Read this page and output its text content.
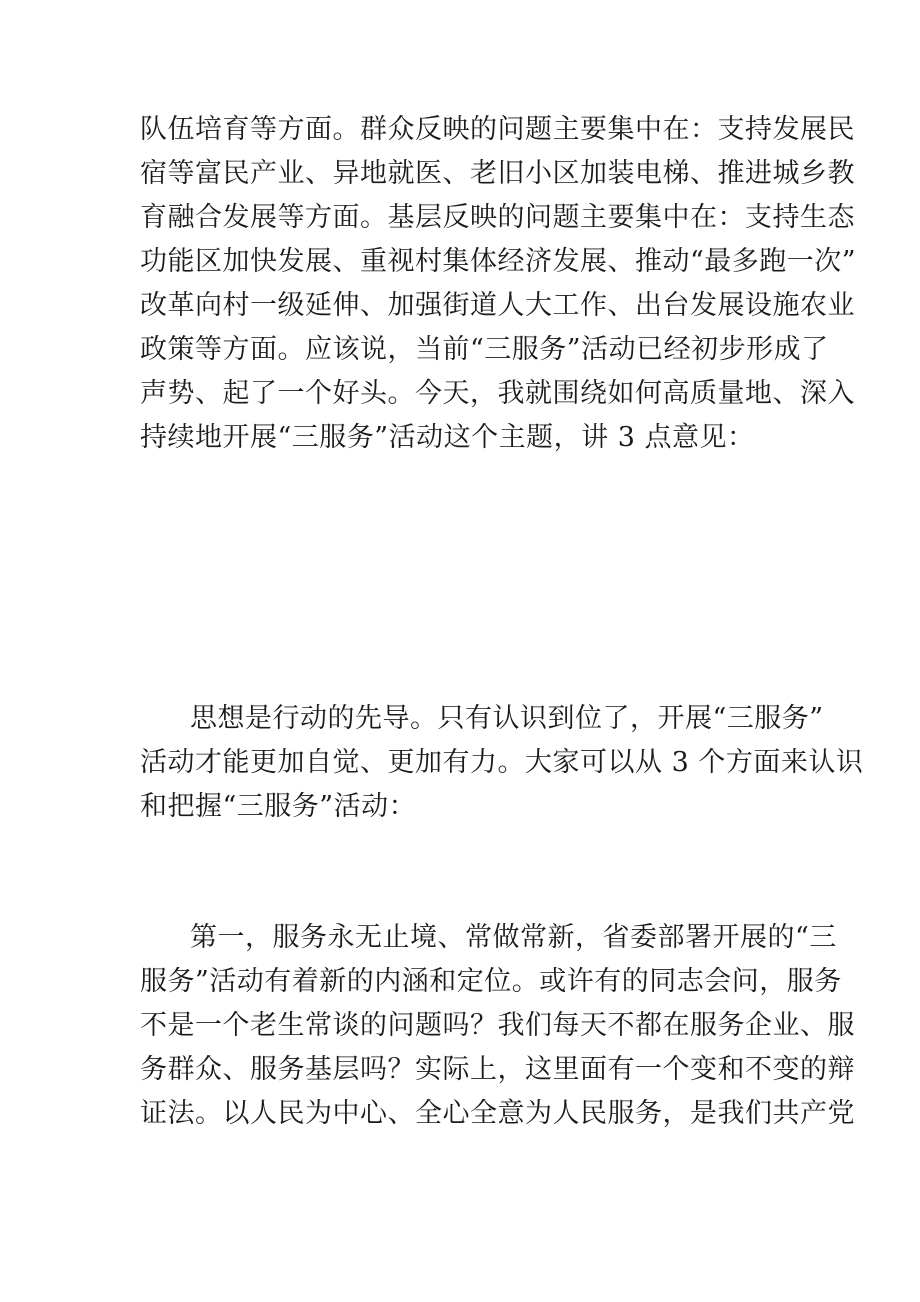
队伍培育等方面。群众反映的问题主要集中在：支持发展民
宿等富民产业、异地就医、老旧小区加装电梯、推进城乡教
育融合发展等方面。基层反映的问题主要集中在：支持生态
功能区加快发展、重视村集体经济发展、推动“最多跑一次”
改革向村一级延伸、加强街道人大工作、出台发展设施农业
政策等方面。应该说，当前“三服务”活动已经初步形成了
声势、起了一个好头。今天，我就围绕如何高质量地、深入
持续地开展“三服务”活动这个主题，讲 3 点意见：
思想是行动的先导。只有认识到位了，开展“三服务”
活动才能更加自觉、更加有力。大家可以从 3 个方面来认识
和把握“三服务”活动：
第一，服务永无止境、常做常新，省委部署开展的“三
服务”活动有着新的内涵和定位。或许有的同志会问，服务
不是一个老生常谈的问题吗？我们每天不都在服务企业、服
务群众、服务基层吗？实际上，这里面有一个变和不变的辩
证法。以人民为中心、全心全意为人民服务，是我们共产党
